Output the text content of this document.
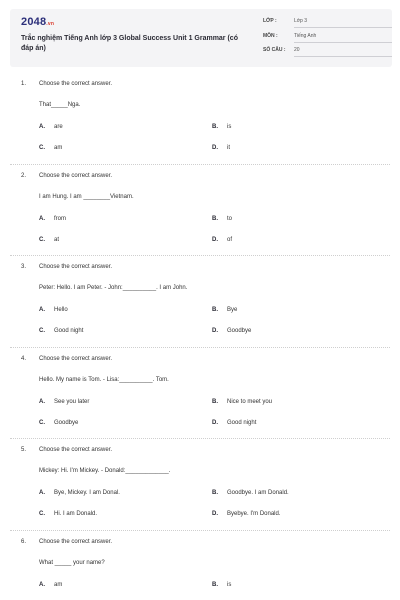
2048.vn
Trắc nghiệm Tiếng Anh lớp 3 Global Success Unit 1 Grammar (có đáp án)
LỚP :	Lớp 3
MÔN :	Tiếng Anh
SỐ CÂU : 20
1. Choose the correct answer.
That_____Nga.
A. are	B. is
C. am	D. it
2. Choose the correct answer.
I am Hung. I am ________Vietnam.
A. from	B. to
C. at	D. of
3. Choose the correct answer.
Peter: Hello. I am Peter. - John:__________. I am John.
A. Hello	B. Bye
C. Good night	D. Goodbye
4. Choose the correct answer.
Hello. My name is Tom. - Lisa:__________. Tom.
A. See you later	B. Nice to meet you
C. Goodbye	D. Good night
5. Choose the correct answer.
Mickey: Hi. I'm Mickey. - Donald:_____________.
A. Bye, Mickey. I am Donal.	B. Goodbye. I am Donald.
C. Hi. I am Donald.	D. Byebye. I'm Donald.
6. Choose the correct answer.
What _____ your name?
A. am	B. is
